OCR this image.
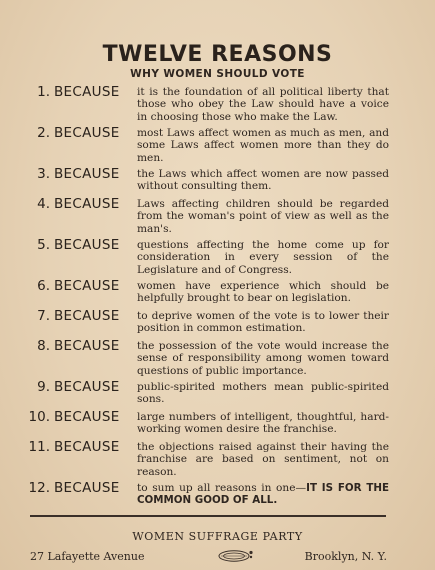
TWELVE REASONS
WHY WOMEN SHOULD VOTE
1. BECAUSE it is the foundation of all political liberty that those who obey the Law should have a voice in choosing those who make the Law.
2. BECAUSE most Laws affect women as much as men, and some Laws affect women more than they do men.
3. BECAUSE the Laws which affect women are now passed without consulting them.
4. BECAUSE Laws affecting children should be regarded from the woman's point of view as well as the man's.
5. BECAUSE questions affecting the home come up for consideration in every session of the Legislature and of Congress.
6. BECAUSE women have experience which should be helpfully brought to bear on legislation.
7. BECAUSE to deprive women of the vote is to lower their position in common estimation.
8. BECAUSE the possession of the vote would increase the sense of responsibility among women toward questions of public importance.
9. BECAUSE public-spirited mothers mean public-spirited sons.
10. BECAUSE large numbers of intelligent, thoughtful, hard-working women desire the franchise.
11. BECAUSE the objections raised against their having the franchise are based on sentiment, not on reason.
12. BECAUSE to sum up all reasons in one—IT IS FOR THE COMMON GOOD OF ALL.
WOMEN SUFFRAGE PARTY
27 Lafayette Avenue	Brooklyn, N. Y.
